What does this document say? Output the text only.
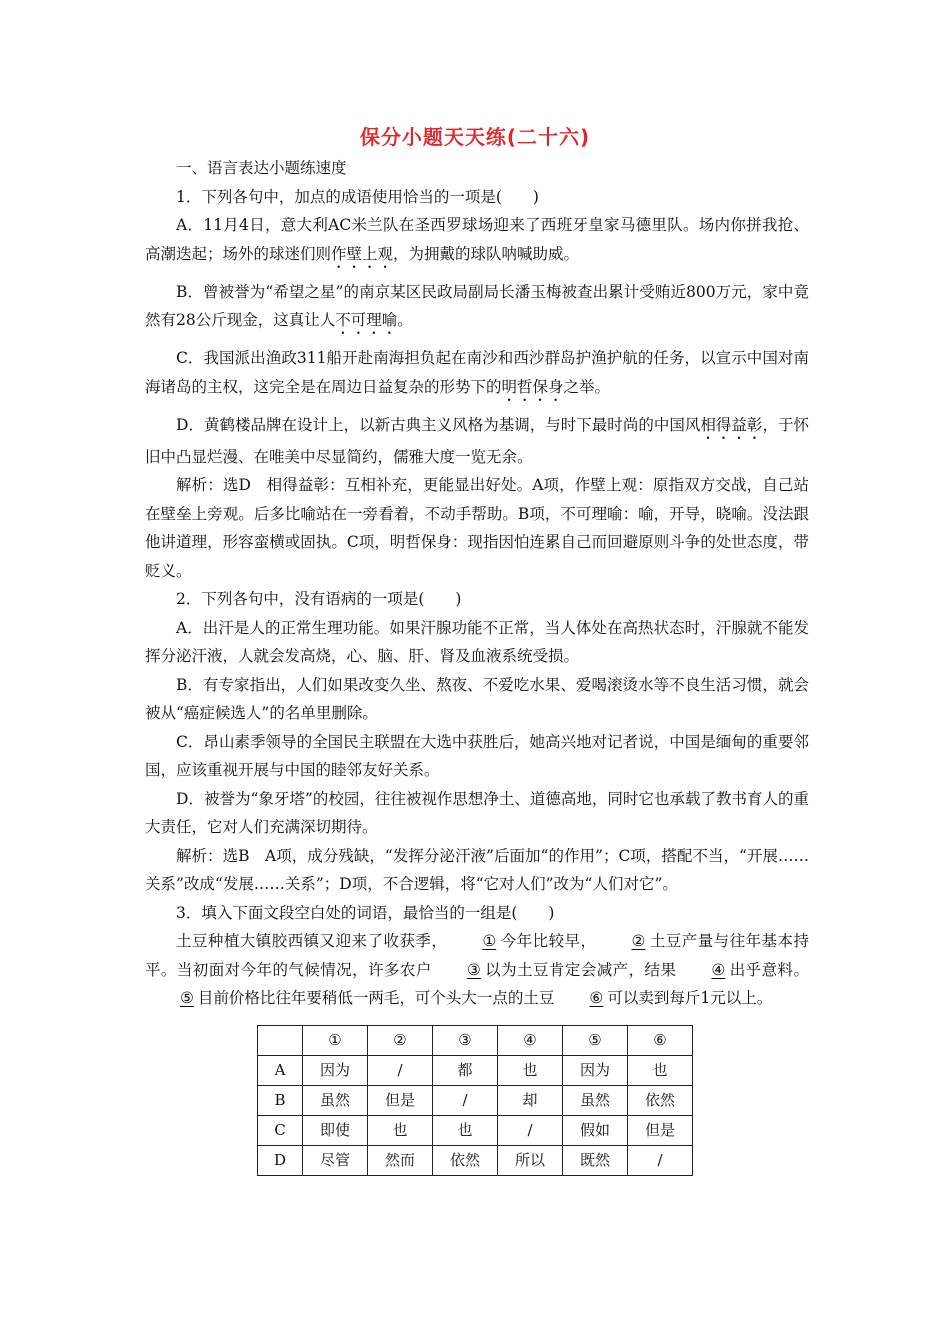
保分小题天天练(二十六)

一、语言表达小题练速度

1．下列各句中，加点的成语使用恰当的一项是(　　)

A．11月4日，意大利AC米兰队在圣西罗球场迎来了西班牙皇家马德里队。场内你拼我抢、高潮迭起；场外的球迷们则作壁上观，为拥戴的球队呐喊助威。

B．曾被誉为“希望之星”的南京某区民政局副局长潘玉梅被查出累计受贿近800万元，家中竟然有28公斤现金，这真让人不可理喻。

C．我国派出渔政311船开赴南海担负起在南沙和西沙群岛护渔护航的任务，以宣示中国对南海诸岛的主权，这完全是在周边日益复杂的形势下的明哲保身之举。

D．黄鹤楼品牌在设计上，以新古典主义风格为基调，与时下最时尚的中国风相得益彰，于怀旧中凸显烂漫、在唯美中尽显简约，儒雅大度一览无余。

解析：选D　相得益彰：互相补充，更能显出好处。A项，作壁上观：原指双方交战，自己站在壁垒上旁观。后多比喻站在一旁看着，不动手帮助。B项，不可理喻：喻，开导，晓喻。没法跟他讲道理，形容蛮横或固执。C项，明哲保身：现指因怕连累自己而回避原则斗争的处世态度，带贬义。

2．下列各句中，没有语病的一项是(　　)

A．出汗是人的正常生理功能。如果汗腺功能不正常，当人体处在高热状态时，汗腺就不能发挥分泌汗液，人就会发高烧，心、脑、肝、肾及血液系统受损。

B．有专家指出，人们如果改变久坐、熬夜、不爱吃水果、爱喝滚烫水等不良生活习惯，就会被从“癌症候选人”的名单里删除。

C．昂山素季领导的全国民主联盟在大选中获胜后，她高兴地对记者说，中国是缅甸的重要邻国，应该重视开展与中国的睦邻友好关系。

D．被誉为“象牙塔”的校园，往往被视作思想净土、道德高地，同时它也承载了教书育人的重大责任，它对人们充满深切期待。

解析：选B　A项，成分残缺，“发挥分泌汗液”后面加“的作用”；C项，搭配不当，“开展……关系”改成“发展……关系”；D项，不合逻辑，将“它对人们”改为“人们对它”。

3．填入下面文段空白处的词语，最恰当的一组是(　　)

土豆种植大镇胶西镇又迎来了收获季， ① 今年比较早， ② 土豆产量与往年基本持平。当初面对今年的气候情况，许多农户 ③ 以为土豆肯定会减产，结果 ④ 出乎意料。⑤ 目前价格比往年要稍低一两毛，可个头大一点的土豆 ⑥ 可以卖到每斤1元以上。

	①	②	③	④	⑤	⑥
A	因为	/	都	也	因为	也
B	虽然	但是	/	却	虽然	依然
C	即使	也	也	/	假如	但是
D	尽管	然而	依然	所以	既然	/
